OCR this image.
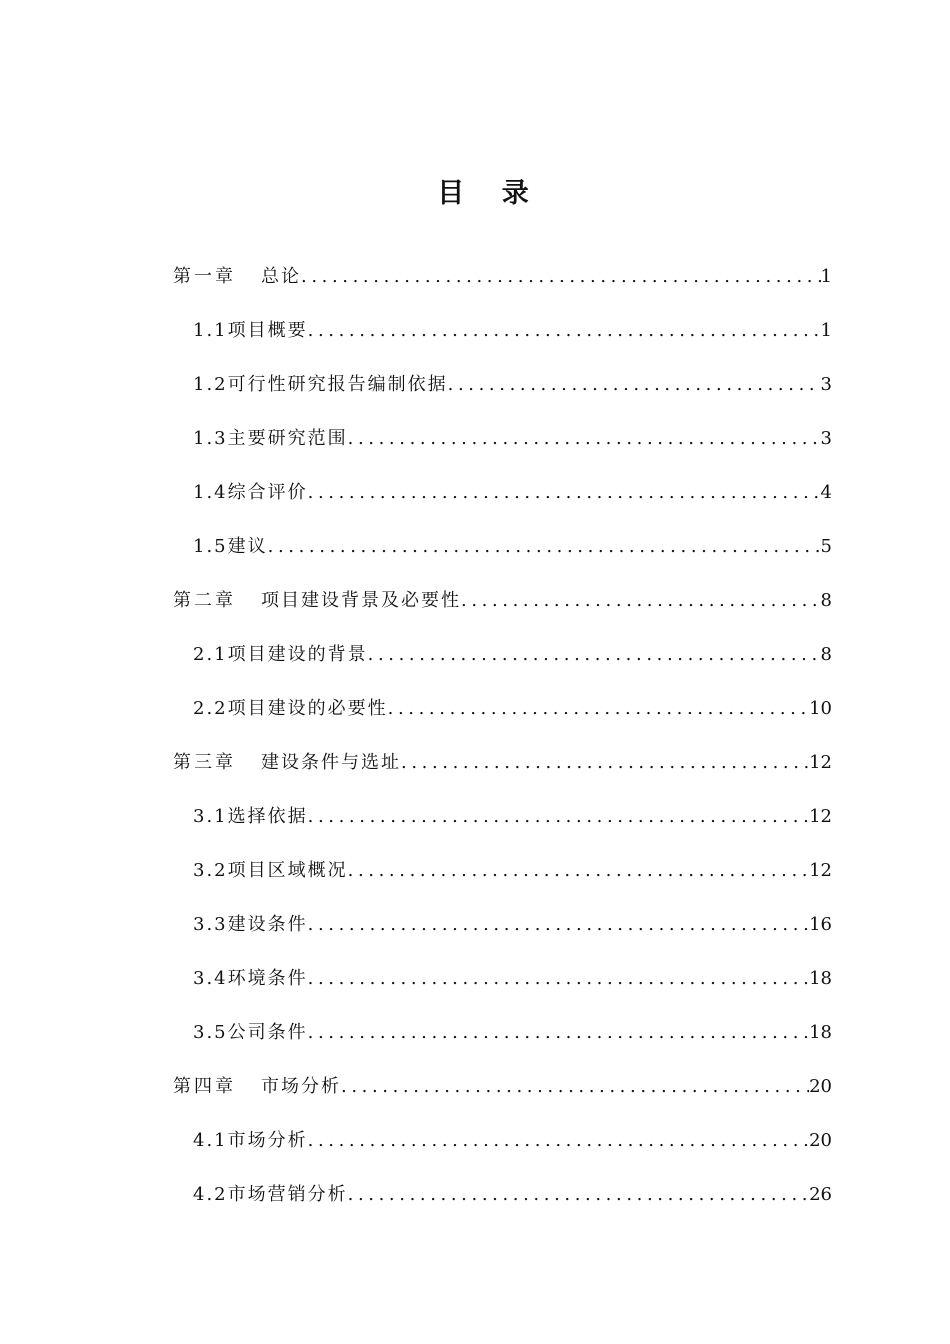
目 录
第一章	总论 .....	1
1.1 项目概要 .....	1
1.2 可行性研究报告编制依据 .....	3
1.3 主要研究范围 .....	3
1.4 综合评价 .....	4
1.5 建议 .....	5
第二章	项目建设背景及必要性 .....	8
2.1 项目建设的背景 .....	8
2.2 项目建设的必要性 .....	10
第三章	建设条件与选址 .....	12
3.1 选择依据 .....	12
3.2 项目区域概况 .....	12
3.3 建设条件 .....	16
3.4 环境条件 .....	18
3.5 公司条件 .....	18
第四章	市场分析 .....	20
4.1 市场分析 .....	20
4.2 市场营销分析 .....	26
